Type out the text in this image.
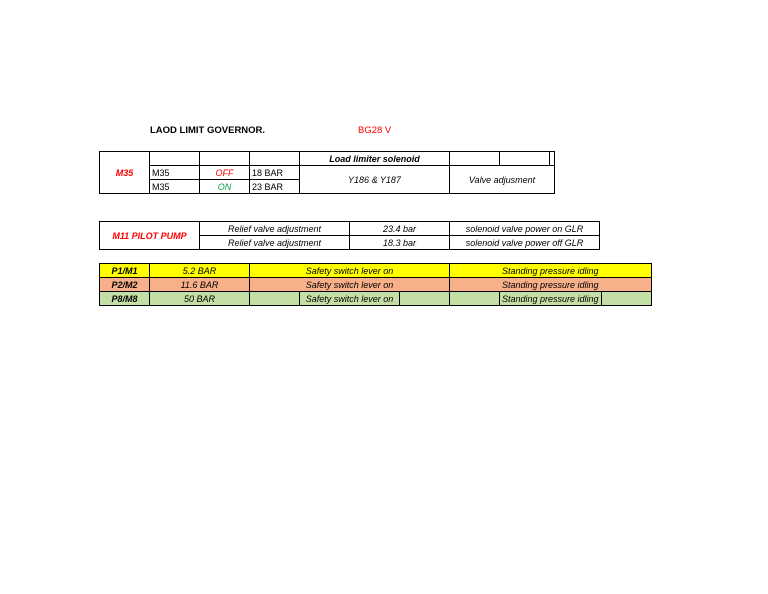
LAOD LIMIT GOVERNOR.	BG28 V
M35				Load limiter solenoid			
	M35	OFF	18 BAR	Y186 & Y187	Valve adjusment		
	M35	ON	23 BAR				
M11 PILOT PUMP	Relief valve adjustment	23.4 bar	solenoid valve power on GLR
	Relief valve adjustment	18.3 bar	solenoid valve power off GLR
P1/M1	5.2 BAR	Safety switch lever on			Standing pressure idling		
P2/M2	11.6 BAR	Safety switch lever on			Standing pressure idling		
P8/M8	50 BAR		Safety switch lever on			Standing pressure idling	
